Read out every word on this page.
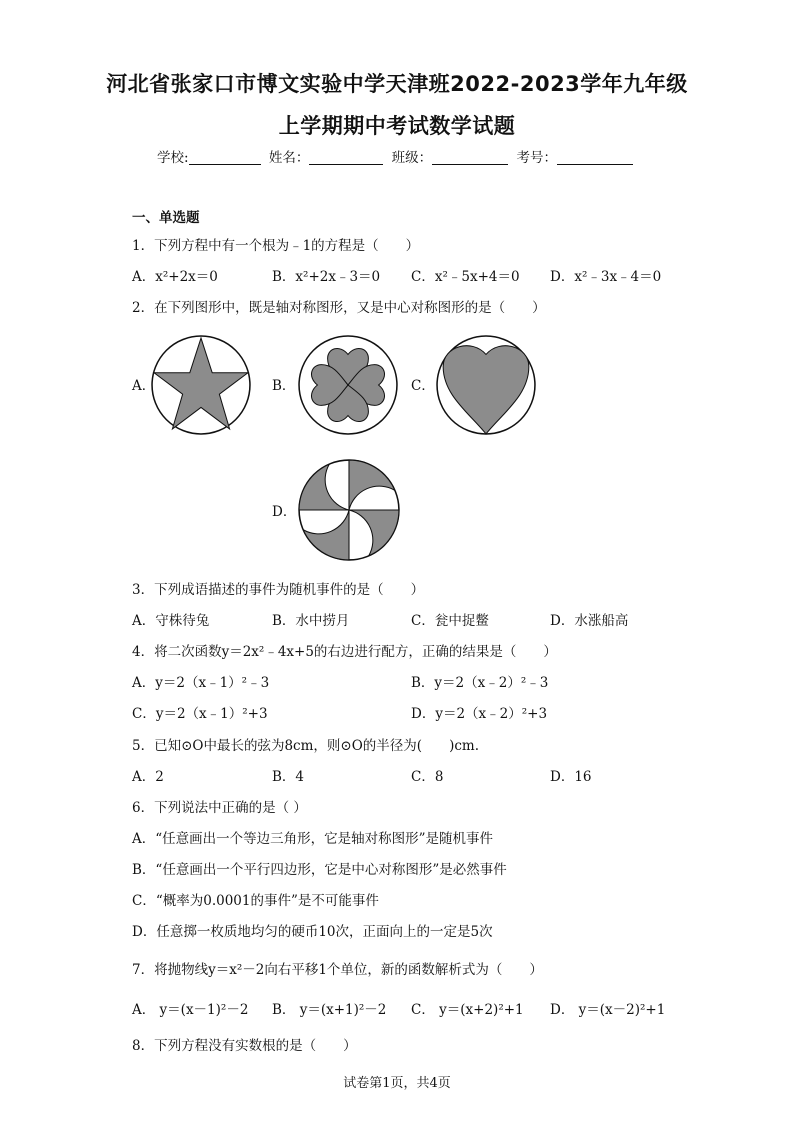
河北省张家口市博文实验中学天津班2022-2023学年九年级
上学期期中考试数学试题
学校:	姓名：	班级：	考号：
一、单选题
1．下列方程中有一个根为﹣1的方程是（　　）
A．x²+2x＝0	B．x²+2x﹣3＝0 C．x²﹣5x+4＝0 D．x²﹣3x﹣4＝0
2．在下列图形中，既是轴对称图形，又是中心对称图形的是（　　）
A．	B．	C．
D．
3．下列成语描述的事件为随机事件的是（　　）
A．守株待兔	B．水中捞月	C．瓮中捉鳖	D．水涨船高
4．将二次函数y＝2x²﹣4x+5的右边进行配方，正确的结果是（　　）
A．y＝2（x﹣1）²﹣3	B．y＝2（x﹣2）²﹣3
C．y＝2（x﹣1）²+3	D．y＝2（x﹣2）²+3
5．已知⊙O中最长的弦为8cm，则⊙O的半径为(　　)cm.
A．2	B．4	C．8	D．16
6．下列说法中正确的是（ ）
A．“任意画出一个等边三角形，它是轴对称图形”是随机事件
B．“任意画出一个平行四边形，它是中心对称图形”是必然事件
C．“概率为0.0001的事件”是不可能事件
D．任意掷一枚质地均匀的硬币10次，正面向上的一定是5次
7．将抛物线y＝x²－2向右平移1个单位，新的函数解析式为（　　）
A． y＝(x－1)²－2 B． y＝(x+1)²－2 C． y＝(x+2)²+1 D． y＝(x－2)²+1
8．下列方程没有实数根的是（　　）
试卷第1页，共4页
